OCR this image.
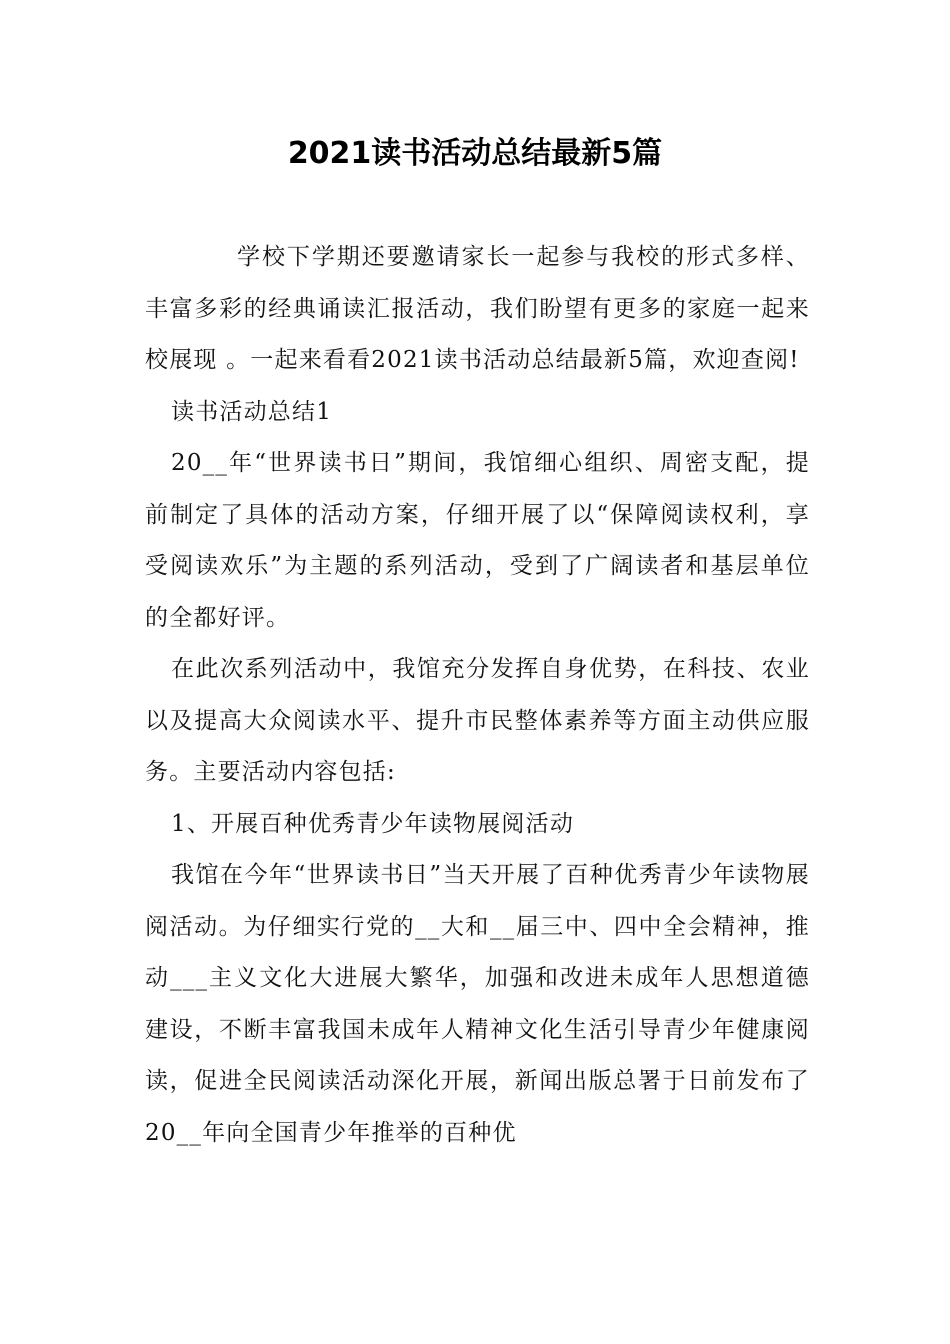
2021读书活动总结最新5篇

学校下学期还要邀请家长一起参与我校的形式多样、丰富多彩的经典诵读汇报活动，我们盼望有更多的家庭一起来校展现 。一起来看看2021读书活动总结最新5篇，欢迎查阅!

读书活动总结1

20__年“世界读书日”期间，我馆细心组织、周密支配，提前制定了具体的活动方案，仔细开展了以“保障阅读权利，享受阅读欢乐”为主题的系列活动，受到了广阔读者和基层单位的全都好评。

在此次系列活动中，我馆充分发挥自身优势，在科技、农业以及提高大众阅读水平、提升市民整体素养等方面主动供应服务。主要活动内容包括:

1、开展百种优秀青少年读物展阅活动

我馆在今年“世界读书日”当天开展了百种优秀青少年读物展阅活动。为仔细实行党的__大和__届三中、四中全会精神，推动___主义文化大进展大繁华，加强和改进未成年人思想道德建设，不断丰富我国未成年人精神文化生活引导青少年健康阅读，促进全民阅读活动深化开展，新闻出版总署于日前发布了20__年向全国青少年推举的百种优
